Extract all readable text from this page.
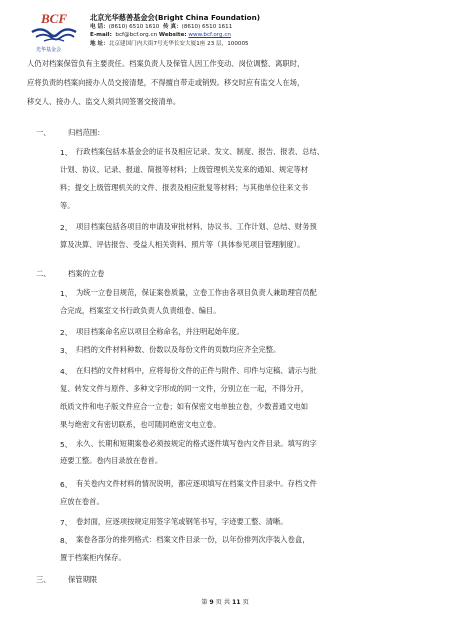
BCF
光华基金会
北京光华慈善基金会(Bright China Foundation)
电 话：(8610) 6510 1610 传 真：(8610) 6510 1611
E-mail: bcf@bcf.org.cn Website: www.bcf.org.cn
地 址：北京建国门内大街7号光华长安大厦1座 23 层，100005
人仍对档案保管负有主要责任。档案负责人及保管人因工作变动、岗位调整、离职时，
应将负责的档案向接办人员交接清楚，不得擅自带走或销毁。移交时应有监交人在场，
移交人、接办人、监交人须共同签署交接清单。
一、 归档范围：
1、 行政档案包括本基金会的证书及相应记录、发文、制度、报告、报表、总结、
计划、协议、记录、报道、简报等材料；上级管理机关发来的通知、规定等材
料；提交上级管理机关的文件、报表及相应批复等材料；与其他单位往来文书
等。
2、 项目档案包括各项目的申请及审批材料、协议书、工作计划、总结、财务预
算及决算、评估报告、受益人相关资料、照片等（具体参见项目管理制度）。
二、 档案的立卷
1、 为统一立卷目规范，保证案卷质量，立卷工作由各项目负责人兼助理官员配
合完成，档案室文书行政负责人负责组卷、编目。
2、 项目档案命名应以项目全称命名，并注明起始年度。
3、 归档的文件材料种数、份数以及每份文件的页数均应齐全完整。
4、 在归档的文件材料中，应将每份文件的正件与附件、印件与定稿、请示与批
复、转发文件与原件、多种文字形成的同一文件，分别立在一起，不得分开，
纸质文件和电子版文件应合一立卷；如有保密文电单独立卷，少数普通文电如
果与绝密文有密切联系，也可随同绝密文电立卷。
5、 永久、长期和短期案卷必须按规定的格式逐件填写卷内文件目录。填写的字
迹要工整。卷内目录放在卷首。
6、 有关卷内文件材料的情况说明，都应逐项填写在档案文件目录中。存档文件
应放在卷首。
7、 卷封面，应逐项按规定用签字笔或钢笔书写，字迹要工整、清晰。
8、 案卷各部分的排列格式：档案文件目录一份，以年份排列次序装入卷盒，
置于档案柜内保存。
三、 保管期限
第 9 页 共 11 页
